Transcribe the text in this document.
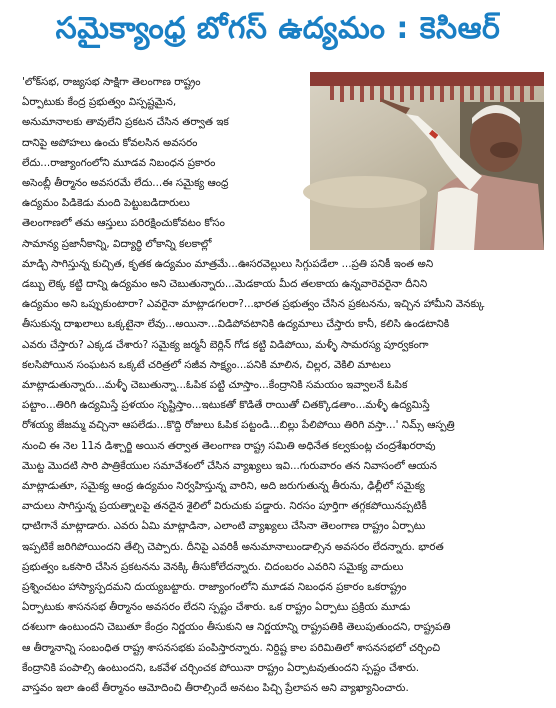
సమైక్యాంధ్ర బోగస్ ఉద్యమం : కెసిఆర్
'లోక్‌సభ, రాజ్యసభ సాక్షిగా తెలంగాణ రాష్ట్రం
ఏర్పాటుకు కేంద్ర ప్రభుత్వం విస్పష్టమైన,
అనుమానాలకు తావులేని ప్రకటన చేసిన తర్వాత ఇక
దానిపై అపోహలు ఉంచు కోవలసిన అవసరం
లేదు...రాజ్యాంగంలోని మూడవ నిబంధన ప్రకారం
అసెంబ్లీ తీర్మానం అవసరమే లేదు...ఈ సమైక్య ఆంధ్ర
ఉద్యమం పిడికెడు మంది పెట్టుబడిదారులు
తెలంగాణలో తమ ఆస్తులు పరిరక్షించుకోవటం కోసం
సామాన్య ప్రజానీకాన్ని, విద్యార్థి లోకాన్ని కలకాల్లో
మాడ్చి సాగిస్తున్న కుచ్చిత, కృతక ఉద్యమం మాత్రమే...ఊసరవెల్లులు సిగ్గుపడేలా ...ప్రతి పనికీ ఇంత అని
డబ్బు లెక్క కట్టి దాన్ని ఉద్యమం అని చెబుతున్నారు...మెడకాయ మీద తలకాయ ఉన్నవారెవరైనా దీనిని
ఉద్యమం అని ఒప్పుకుంటారా? ఎవరైనా మాట్లాడగలరా?...భారత ప్రభుత్వం చేసిన ప్రకటనను, ఇచ్చిన హామీని వెనక్కు
తీసుకున్న దాఖలాలు ఒక్కటైనా లేవు...అయినా...విడిపోవటానికి ఉద్యమాలు చేస్తారు కానీ, కలిసి ఉండటానికి
ఎవరు చేస్తారు? ఎక్కడ చేశారు? సమైక్య జర్మనీ బెర్లిన్ గోడ కట్టి విడిపోయి, మళ్ళీ సామరస్య పూర్వకంగా
కలసిపోయిన సంఘటన ఒక్కటే చరిత్రలో సజీవ సాక్ష్యం...పనికి మాలిన, చిల్లర, వెకిలి మాటలు
మాట్లాడుతున్నారు...మళ్ళీ చెబుతున్నా...ఓపిక పట్టి చూస్తాం...కేంద్రానికి సమయం ఇవ్వాలనే ఓపిక
పట్టాం...తిరిగి ఉద్యమిస్తే ప్రళయం సృష్టిస్తాం...ఇటుకతో కొడితే రాయితో చితక్కొడతాం...మళ్ళీ ఉద్యమిస్తే
రోశయ్య జేజమ్మ వచ్చినా ఆపలేడు...కొద్ది రోజులు ఓపిక పట్టండి...బిల్లు పేలిపోయి తిరిగి వస్తా...' నిమ్స్ ఆస్పత్రి
నుంచి ఈ నెల 11న డిశ్చార్జి అయిన తర్వాత తెలంగాణ రాష్ట్ర సమితి అధినేత కల్వకుంట్ల చంద్రశేఖరరావు
మొట్ట మొదటి సారి పాత్రికేయుల సమావేశంలో చేసిన వ్యాఖ్యలు ఇవి...గురువారం తన నివాసంలో ఆయన
మాట్లాడుతూ, సమైక్య ఆంధ్ర ఉద్యమం నిర్వహిస్తున్న వారిని, అది జరుగుతున్న తీరును, ఢిల్లీలో సమైక్య
వాదులు సాగిస్తున్న ప్రయత్నాలపై తనదైన శైలిలో విరుచుకు పడ్డారు. నిరసం పూర్తిగా తగ్గకపోయినప్పటికీ
ధాటిగానే మాట్లాడారు. ఎవరు ఏమి మాట్లాడినా, ఎలాంటి వ్యాఖ్యలు చేసినా తెలంగాణ రాష్ట్రం ఏర్పాటు
ఇప్పటికే జరిగిపోయిందని తేల్చి చెప్పారు. దీనిపై ఎవరికీ అనుమానాలుండాల్సిన అవసరం లేదన్నారు. భారత
ప్రభుత్వం ఒకసారి చేసిన ప్రకటనను వెనక్కి తీసుకోలేదన్నారు. చిదంబరం ఎవరిని సమైక్య వాదులు
ప్రశ్నించటం హాస్యాస్పదమని దుయ్యబట్టారు. రాజ్యాంగంలోని మూడవ నిబంధన ప్రకారం ఒకరాష్ట్రం
ఏర్పాటుకు శాసనసభ తీర్మానం అవసరం లేదని స్పష్టం చేశారు. ఒక రాష్ట్రం ఏర్పాటు ప్రక్రియ మూడు
దశలుగా ఉంటుందని చెబుతూ కేంద్రం నిర్ణయం తీసుకుని ఆ నిర్ణయాన్ని రాష్ట్రపతికి తెలుపుతుందని, రాష్ట్రపతి
ఆ తీర్మానాన్ని సంబంధిత రాష్ట్ర శాసనసభకు పంపిస్తారన్నారు. నిర్దిష్ట కాల పరిమితిలో శాసనసభలో చర్చించి
కేంద్రానికి పంపాల్సి ఉంటుందని, ఒకవేళ చర్చించక పోయినా రాష్ట్రం ఏర్పాటవుతుందని స్పష్టం చేశారు.
వాస్తవం ఇలా ఉంటే తీర్మానం ఆమోదించి తీరాల్సిందే అనటం పిచ్చి ప్రేలాపన అని వ్యాఖ్యానించారు.
